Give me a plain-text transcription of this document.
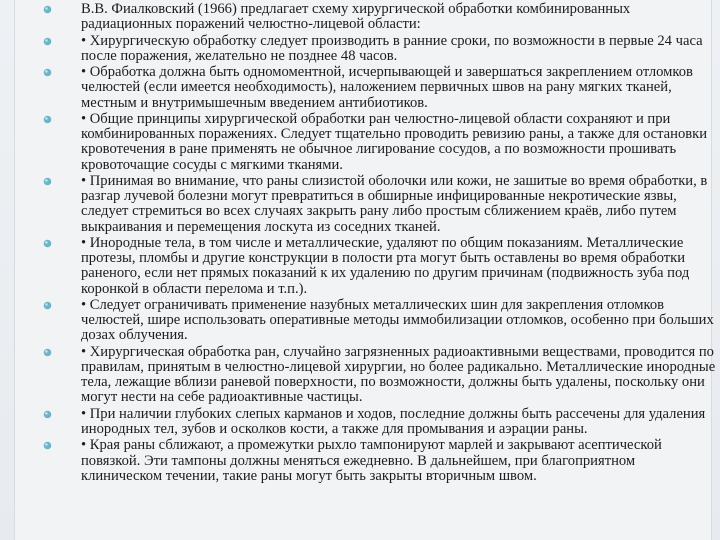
В.В. Фиалковский (1966) предлагает схему хирургической обработки комбинированных радиационных поражений челюстно-лицевой области:
• Хирургическую обработку следует производить в ранние сроки, по возможности в первые 24 часа после поражения, желательно не позднее 48 часов.
• Обработка должна быть одномоментной, исчерпывающей и завершаться закреплением отломков челюстей (если имеется необходимость), наложением первичных швов на рану мягких тканей, местным и внутримышечным введением антибиотиков.
• Общие принципы хирургической обработки ран челюстно-лицевой области сохраняют и при комбинированных поражениях. Следует тщательно проводить ревизию раны, а также для остановки кровотечения в ране применять не обычное лигирование сосудов, а по возможности прошивать кровоточащие сосуды с мягкими тканями.
• Принимая во внимание, что раны слизистой оболочки или кожи, не зашитые во время обработки, в разгар лучевой болезни могут превратиться в обширные инфицированные некротические язвы, следует стремиться во всех случаях закрыть рану либо простым сближением краёв, либо путем выкраивания и перемещения лоскута из соседних тканей.
• Инородные тела, в том числе и металлические, удаляют по общим показаниям. Металлические протезы, пломбы и другие конструкции в полости рта могут быть оставлены во время обработки раненого, если нет прямых показаний к их удалению по другим причинам (подвижность зуба под коронкой в области перелома и т.п.).
• Следует ограничивать применение назубных металлических шин для закрепления отломков челюстей, шире использовать оперативные методы иммобилизации отломков, особенно при больших дозах облучения.
• Хирургическая обработка ран, случайно загрязненных радиоактивными веществами, проводится по правилам, принятым в челюстно-лицевой хирургии, но более радикально. Металлические инородные тела, лежащие вблизи раневой поверхности, по возможности, должны быть удалены, поскольку они могут нести на себе радиоактивные частицы.
• При наличии глубоких слепых карманов и ходов, последние должны быть рассечены для удаления инородных тел, зубов и осколков кости, а также для промывания и аэрации раны.
• Края раны сближают, а промежутки рыхло тампонируют марлей и закрывают асептической повязкой. Эти тампоны должны меняться ежедневно. В дальнейшем, при благоприятном клиническом течении, такие раны могут быть закрыты вторичным швом.
